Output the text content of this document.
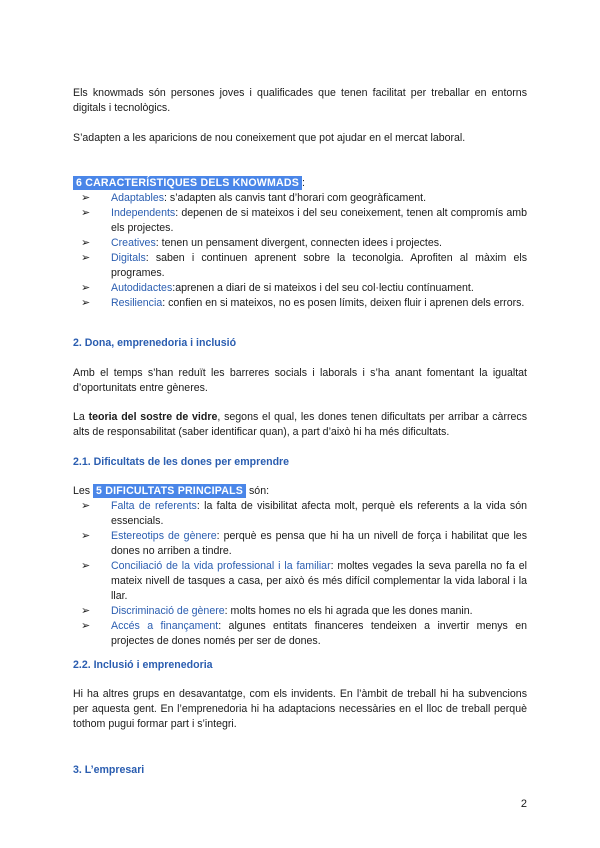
Els knowmads són persones joves i qualificades que tenen facilitat per treballar en entorns digitals i tecnològics.

S’adapten a les aparicions de nou coneixement que pot ajudar en el mercat laboral.

6 CARACTERÍSTIQUES DELS KNOWMADS :

➢ Adaptables: s’adapten als canvis tant d’horari com geogràficament.
➢ Independents: depenen de si mateixos i del seu coneixement, tenen alt compromís amb els projectes.
➢ Creatives: tenen un pensament divergent, connecten idees i projectes.
➢ Digitals: saben i continuen aprenent sobre la teconolgia. Aprofiten al màxim els programes.
➢ Autodidactes:aprenen a diari de si mateixos i del seu col·lectiu contínuament.
➢ Resiliencia: confien en si mateixos, no es posen límits, deixen fluir i aprenen dels errors.

2. Dona, emprenedoria i inclusió

Amb el temps s’han reduït les barreres socials i laborals i s’ha anant fomentant la igualtat d’oportunitats entre gèneres.

La teoria del sostre de vidre, segons el qual, les dones tenen dificultats per arribar a càrrecs alts de responsabilitat (saber identificar quan), a part d’això hi ha més dificultats.

2.1. Dificultats de les dones per emprendre

Les 5 DIFICULTATS PRINCIPALS són:

➢ Falta de referents: la falta de visibilitat afecta molt, perquè els referents a la vida són essencials.
➢ Estereotips de gènere: perquè es pensa que hi ha un nivell de força i habilitat que les dones no arriben a tindre.
➢ Conciliació de la vida professional i la familiar: moltes vegades la seva parella no fa el mateix nivell de tasques a casa, per això és més difícil complementar la vida laboral i la llar.
➢ Discriminació de gènere: molts homes no els hi agrada que les dones manin.
➢ Accés a finançament: algunes entitats financeres tendeixen a invertir menys en projectes de dones només per ser de dones.

2.2. Inclusió i emprenedoria

Hi ha altres grups en desavantatge, com els invidents. En l’àmbit de treball hi ha subvencions per aquesta gent. En l’emprenedoria hi ha adaptacions necessàries en el lloc de treball perquè tothom pugui formar part i s’integri.

3. L’empresari

2
